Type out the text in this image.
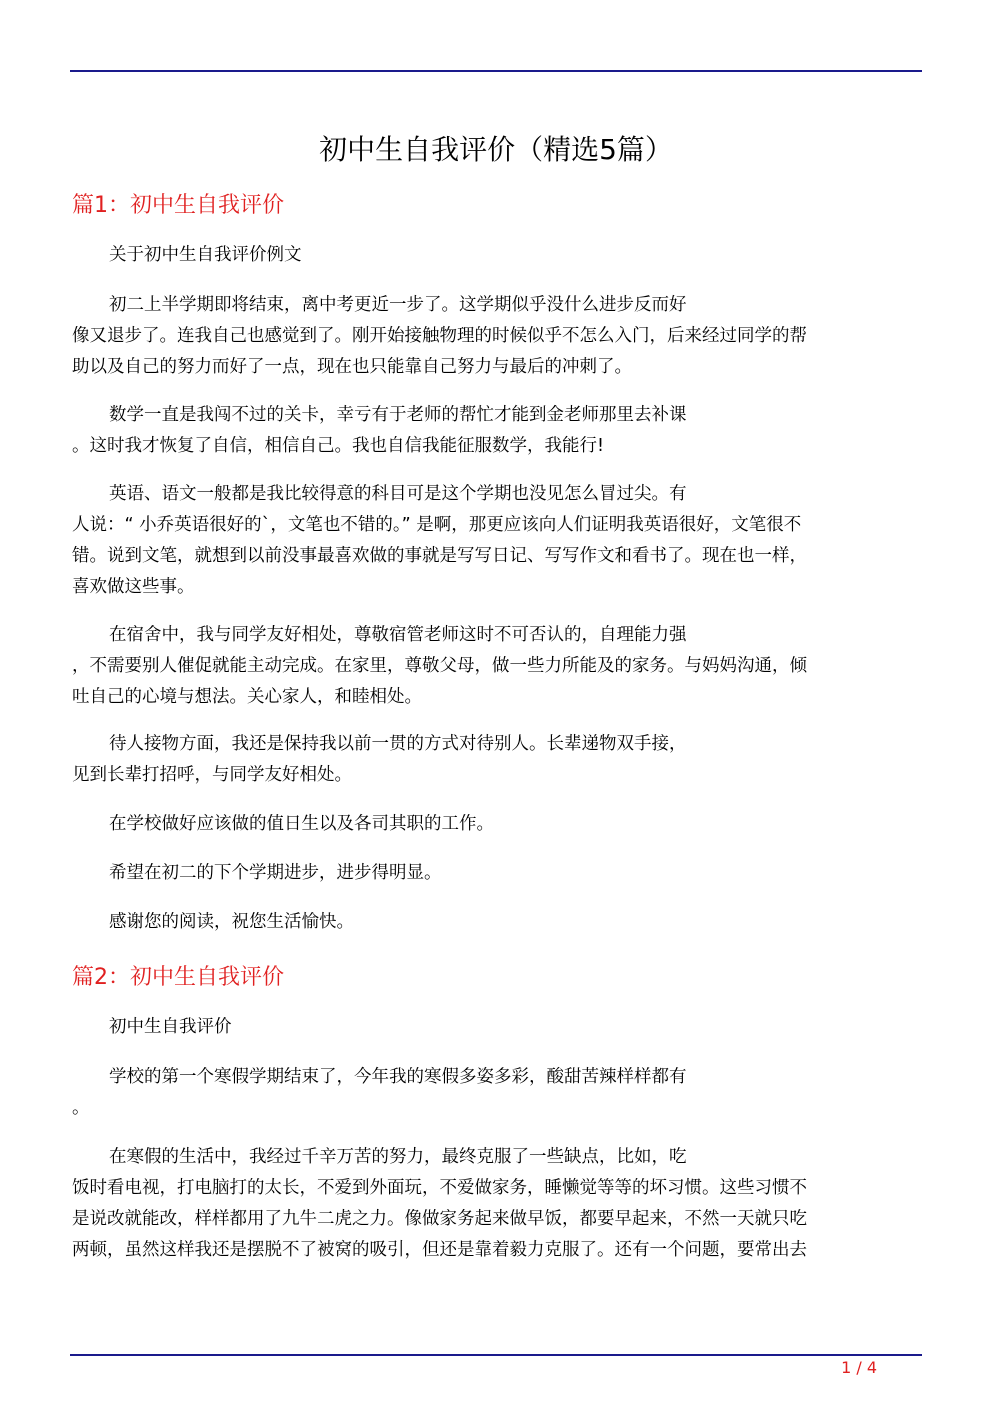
初中生自我评价（精选5篇）
篇1：初中生自我评价
关于初中生自我评价例文
初二上半学期即将结束，离中考更近一步了。这学期似乎没什么进步反而好
像又退步了。连我自己也感觉到了。刚开始接触物理的时候似乎不怎么入门，后来经过同学的帮
助以及自己的努力而好了一点，现在也只能靠自己努力与最后的冲刺了。
数学一直是我闯不过的关卡，幸亏有于老师的帮忙才能到金老师那里去补课
。这时我才恢复了自信，相信自己。我也自信我能征服数学，我能行!
英语、语文一般都是我比较得意的科目可是这个学期也没见怎么冒过尖。有
人说：“ 小乔英语很好的`，文笔也不错的。” 是啊，那更应该向人们证明我英语很好，文笔很不
错。说到文笔，就想到以前没事最喜欢做的事就是写写日记、写写作文和看书了。现在也一样，
喜欢做这些事。
在宿舍中，我与同学友好相处，尊敬宿管老师这时不可否认的，自理能力强
，不需要别人催促就能主动完成。在家里，尊敬父母，做一些力所能及的家务。与妈妈沟通，倾
吐自己的心境与想法。关心家人，和睦相处。
待人接物方面，我还是保持我以前一贯的方式对待别人。长辈递物双手接，
见到长辈打招呼，与同学友好相处。
在学校做好应该做的值日生以及各司其职的工作。
希望在初二的下个学期进步，进步得明显。
感谢您的阅读，祝您生活愉快。
篇2：初中生自我评价
初中生自我评价
学校的第一个寒假学期结束了，今年我的寒假多姿多彩，酸甜苦辣样样都有
。
在寒假的生活中，我经过千辛万苦的努力，最终克服了一些缺点，比如，吃
饭时看电视，打电脑打的太长，不爱到外面玩，不爱做家务，睡懒觉等等的坏习惯。这些习惯不
是说改就能改，样样都用了九牛二虎之力。像做家务起来做早饭，都要早起来，不然一天就只吃
两顿，虽然这样我还是摆脱不了被窝的吸引，但还是靠着毅力克服了。还有一个问题，要常出去
1 / 4
